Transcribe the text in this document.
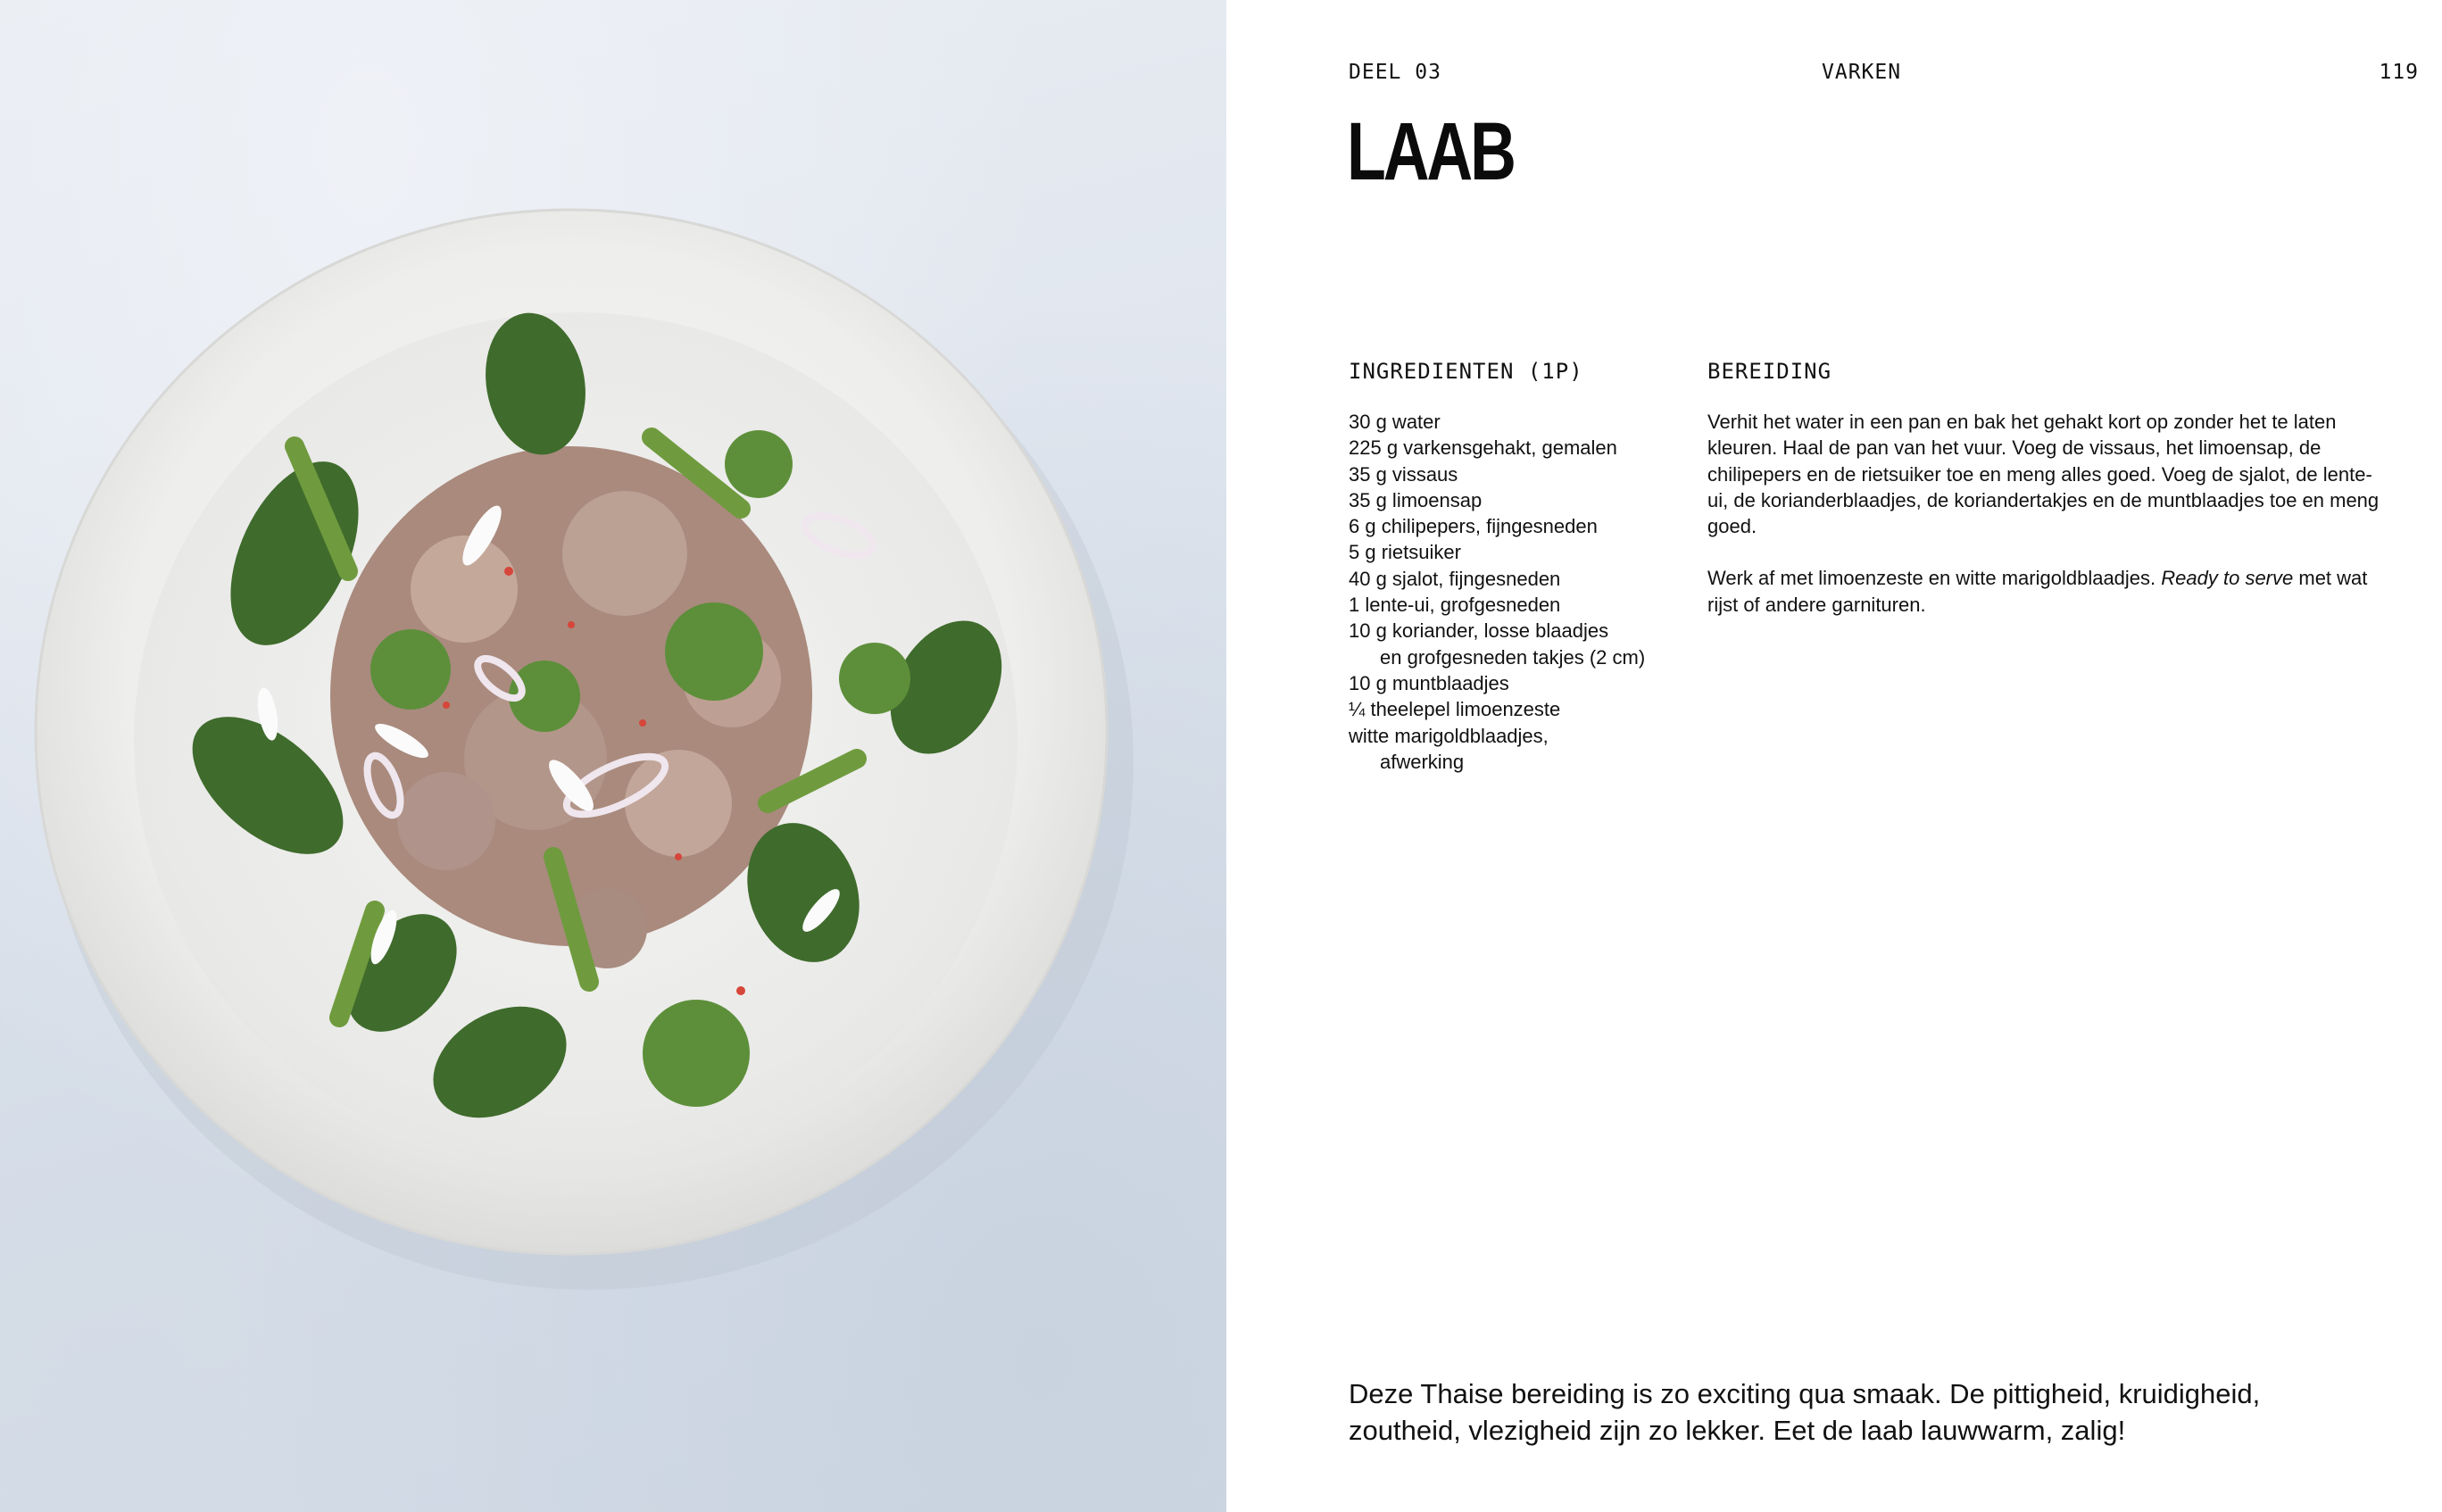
DEEL 03	VARKEN	119
LAAB
INGREDIENTEN (1P)	BEREIDING
30 g water
225 g varkensgehakt, gemalen
35 g vissaus
35 g limoensap
6 g chilipepers, fijngesneden
5 g rietsuiker
40 g sjalot, fijngesneden
1 lente-ui, grofgesneden
10 g koriander, losse blaadjes
en grofgesneden takjes (2 cm)
10 g muntblaadjes
¼ theelepel limoenzeste
witte marigoldblaadjes,
afwerking

Verhit het water in een pan en bak het gehakt kort op zonder het te laten kleuren. Haal de pan van het vuur. Voeg de vissaus, het limoensap, de chilipepers en de rietsuiker toe en meng alles goed. Voeg de sjalot, de lente-ui, de korianderblaadjes, de koriandertakjes en de muntblaadjes toe en meng goed.

Werk af met limoenzeste en witte marigoldblaadjes. Ready to serve met wat rijst of andere garnituren.

Deze Thaise bereiding is zo exciting qua smaak. De pittigheid, kruidigheid, zoutheid, vlezigheid zijn zo lekker. Eet de laab lauwwarm, zalig!
